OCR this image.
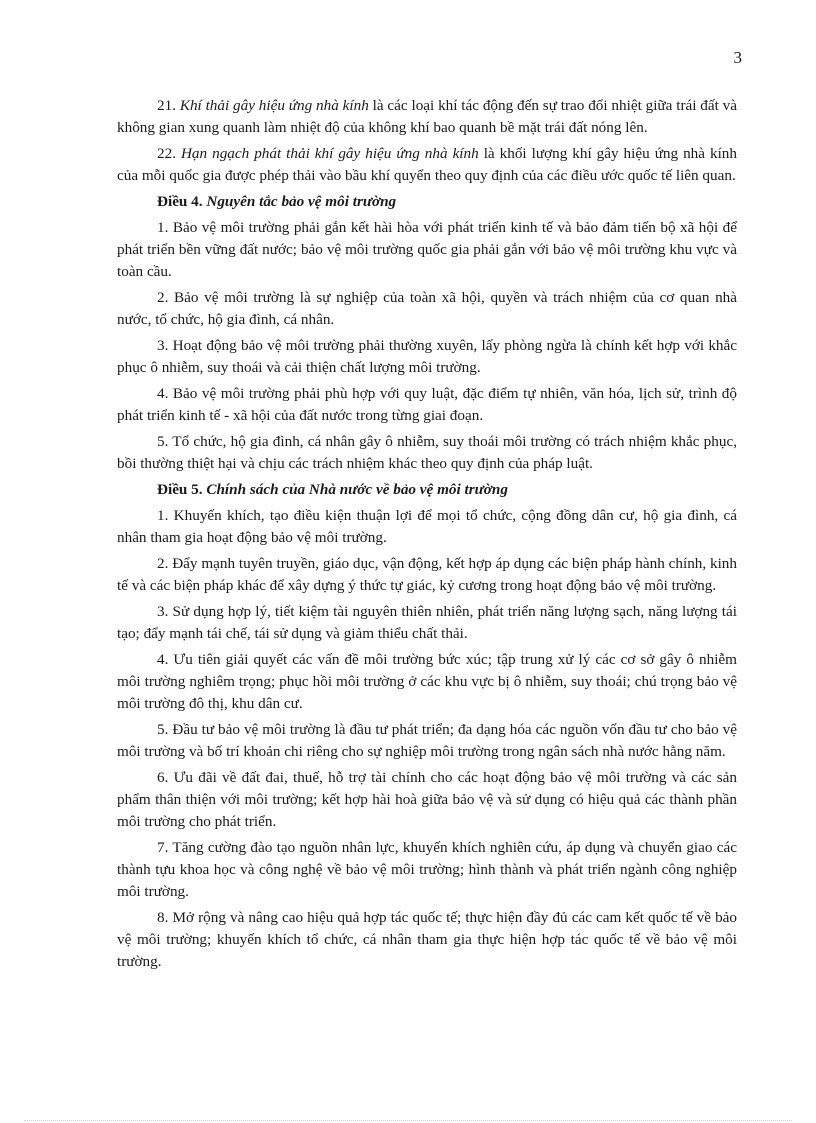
3

21. Khí thải gây hiệu ứng nhà kính là các loại khí tác động đến sự trao đổi nhiệt giữa trái đất và không gian xung quanh làm nhiệt độ của không khí bao quanh bề mặt trái đất nóng lên.

22. Hạn ngạch phát thải khí gây hiệu ứng nhà kính là khối lượng khí gây hiệu ứng nhà kính của mỗi quốc gia được phép thải vào bầu khí quyển theo quy định của các điều ước quốc tế liên quan.

Điều 4. Nguyên tắc bảo vệ môi trường

1. Bảo vệ môi trường phải gắn kết hài hòa với phát triển kinh tế và bảo đảm tiến bộ xã hội để phát triển bền vững đất nước; bảo vệ môi trường quốc gia phải gắn với bảo vệ môi trường khu vực và toàn cầu.

2. Bảo vệ môi trường là sự nghiệp của toàn xã hội, quyền và trách nhiệm của cơ quan nhà nước, tổ chức, hộ gia đình, cá nhân.

3. Hoạt động bảo vệ môi trường phải thường xuyên, lấy phòng ngừa là chính kết hợp với khắc phục ô nhiễm, suy thoái và cải thiện chất lượng môi trường.

4. Bảo vệ môi trường phải phù hợp với quy luật, đặc điểm tự nhiên, văn hóa, lịch sử, trình độ phát triển kinh tế - xã hội của đất nước trong từng giai đoạn.

5. Tổ chức, hộ gia đình, cá nhân gây ô nhiễm, suy thoái môi trường có trách nhiệm khắc phục, bồi thường thiệt hại và chịu các trách nhiệm khác theo quy định của pháp luật.

Điều 5. Chính sách của Nhà nước về bảo vệ môi trường

1. Khuyến khích, tạo điều kiện thuận lợi để mọi tổ chức, cộng đồng dân cư, hộ gia đình, cá nhân tham gia hoạt động bảo vệ môi trường.

2. Đẩy mạnh tuyên truyền, giáo dục, vận động, kết hợp áp dụng các biện pháp hành chính, kinh tế và các biện pháp khác để xây dựng ý thức tự giác, kỷ cương trong hoạt động bảo vệ môi trường.

3. Sử dụng hợp lý, tiết kiệm tài nguyên thiên nhiên, phát triển năng lượng sạch, năng lượng tái tạo; đẩy mạnh tái chế, tái sử dụng và giảm thiểu chất thải.

4. Ưu tiên giải quyết các vấn đề môi trường bức xúc; tập trung xử lý các cơ sở gây ô nhiễm môi trường nghiêm trọng; phục hồi môi trường ở các khu vực bị ô nhiễm, suy thoái; chú trọng bảo vệ môi trường đô thị, khu dân cư.

5. Đầu tư bảo vệ môi trường là đầu tư phát triển; đa dạng hóa các nguồn vốn đầu tư cho bảo vệ môi trường và bố trí khoản chi riêng cho sự nghiệp môi trường trong ngân sách nhà nước hằng năm.

6. Ưu đãi về đất đai, thuế, hỗ trợ tài chính cho các hoạt động bảo vệ môi trường và các sản phẩm thân thiện với môi trường; kết hợp hài hoà giữa bảo vệ và sử dụng có hiệu quả các thành phần môi trường cho phát triển.

7. Tăng cường đào tạo nguồn nhân lực, khuyến khích nghiên cứu, áp dụng và chuyển giao các thành tựu khoa học và công nghệ về bảo vệ môi trường; hình thành và phát triển ngành công nghiệp môi trường.

8. Mở rộng và nâng cao hiệu quả hợp tác quốc tế; thực hiện đầy đủ các cam kết quốc tế về bảo vệ môi trường; khuyến khích tổ chức, cá nhân tham gia thực hiện hợp tác quốc tế về bảo vệ môi trường.
